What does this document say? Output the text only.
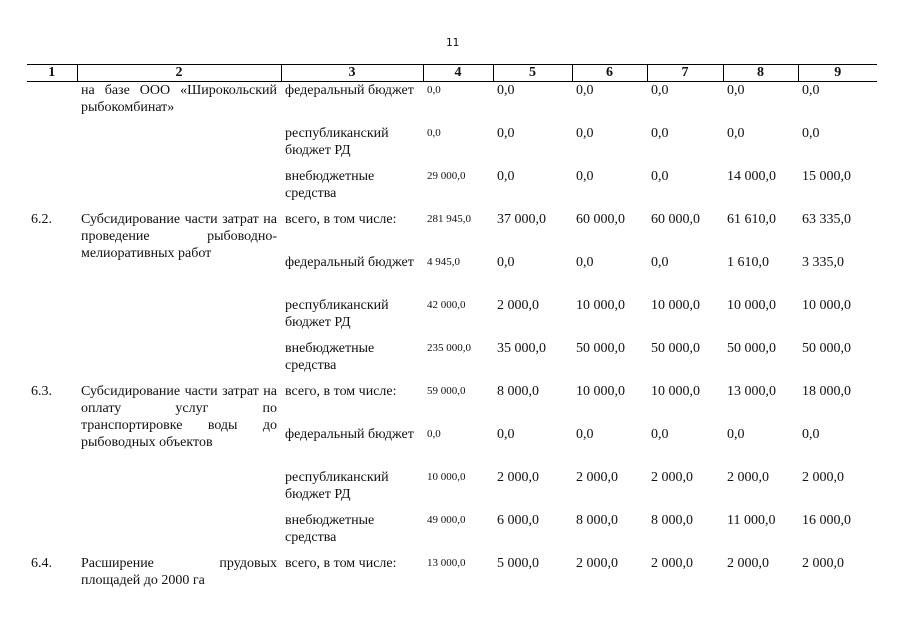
11
1	2	3	4	5	6	7	8	9
	на базе ООО «Широкольский рыбокомбинат»	федеральный бюджет	0,0	0,0	0,0	0,0	0,0	0,0
		республиканский бюджет РД	0,0	0,0	0,0	0,0	0,0	0,0
		внебюджетные средства	29 000,0	0,0	0,0	0,0	14 000,0	15 000,0
6.2.	Субсидирование части затрат на проведение рыбоводно-мелиоративных работ	всего, в том числе:	281 945,0	37 000,0	60 000,0	60 000,0	61 610,0	63 335,0
		федеральный бюджет	4 945,0	0,0	0,0	0,0	1 610,0	3 335,0
		республиканский бюджет РД	42 000,0	2 000,0	10 000,0	10 000,0	10 000,0	10 000,0
		внебюджетные средства	235 000,0	35 000,0	50 000,0	50 000,0	50 000,0	50 000,0
6.3.	Субсидирование части затрат на оплату услуг по транспортировке воды до рыбоводных объектов	всего, в том числе:	59 000,0	8 000,0	10 000,0	10 000,0	13 000,0	18 000,0
		федеральный бюджет	0,0	0,0	0,0	0,0	0,0	0,0
		республиканский бюджет РД	10 000,0	2 000,0	2 000,0	2 000,0	2 000,0	2 000,0
		внебюджетные средства	49 000,0	6 000,0	8 000,0	8 000,0	11 000,0	16 000,0
6.4.	Расширение прудовых площадей до 2000 га	всего, в том числе:	13 000,0	5 000,0	2 000,0	2 000,0	2 000,0	2 000,0
